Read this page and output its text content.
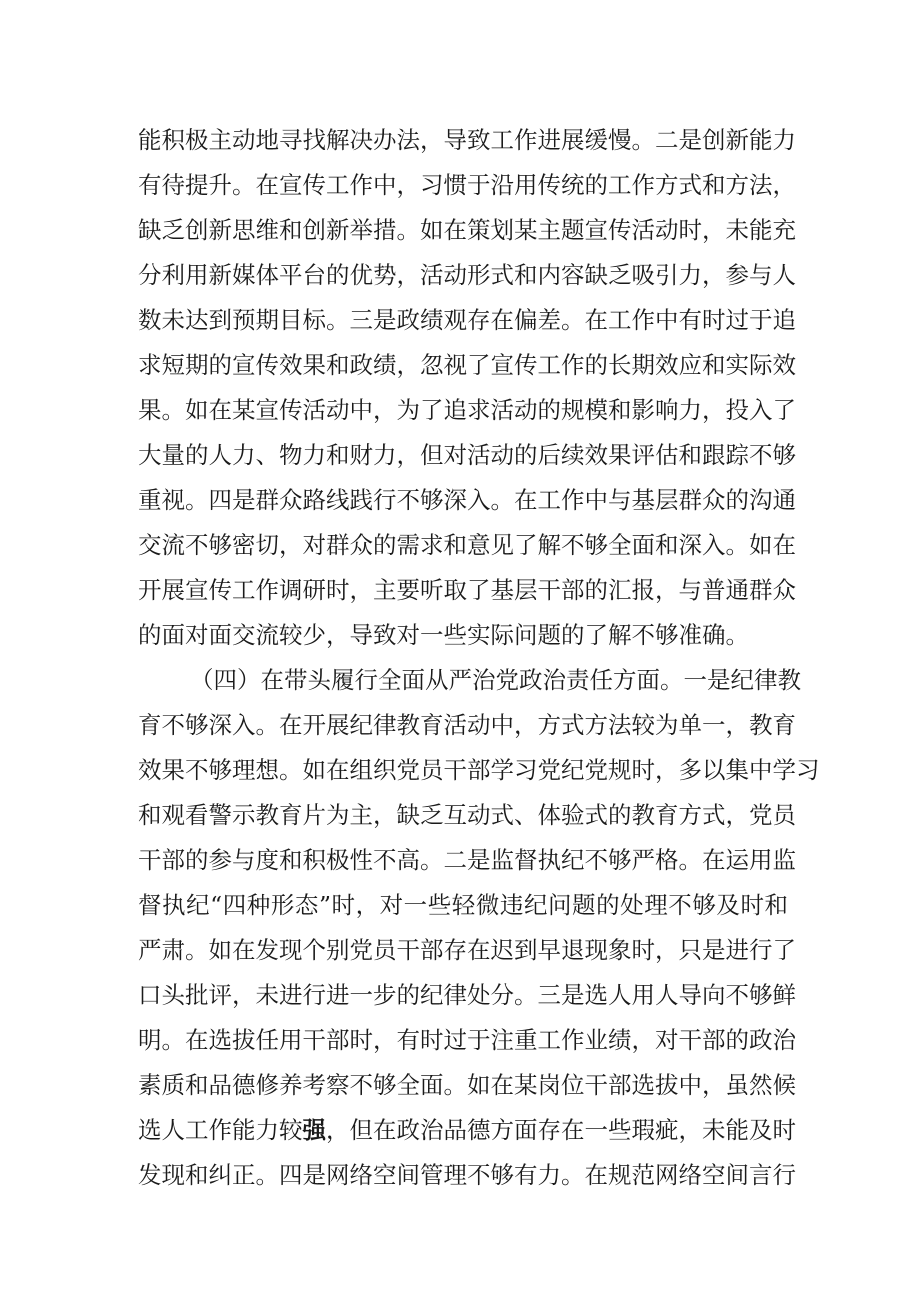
能积极主动地寻找解决办法，导致工作进展缓慢。二是创新能力
有待提升。在宣传工作中，习惯于沿用传统的工作方式和方法，
缺乏创新思维和创新举措。如在策划某主题宣传活动时，未能充
分利用新媒体平台的优势，活动形式和内容缺乏吸引力，参与人
数未达到预期目标。三是政绩观存在偏差。在工作中有时过于追
求短期的宣传效果和政绩，忽视了宣传工作的长期效应和实际效
果。如在某宣传活动中，为了追求活动的规模和影响力，投入了
大量的人力、物力和财力，但对活动的后续效果评估和跟踪不够
重视。四是群众路线践行不够深入。在工作中与基层群众的沟通
交流不够密切，对群众的需求和意见了解不够全面和深入。如在
开展宣传工作调研时，主要听取了基层干部的汇报，与普通群众
的面对面交流较少，导致对一些实际问题的了解不够准确。
（四）在带头履行全面从严治党政治责任方面。一是纪律教
育不够深入。在开展纪律教育活动中，方式方法较为单一，教育
效果不够理想。如在组织党员干部学习党纪党规时，多以集中学习
和观看警示教育片为主，缺乏互动式、体验式的教育方式，党员
干部的参与度和积极性不高。二是监督执纪不够严格。在运用监
督执纪“四种形态”时，对一些轻微违纪问题的处理不够及时和
严肃。如在发现个别党员干部存在迟到早退现象时，只是进行了
口头批评，未进行进一步的纪律处分。三是选人用人导向不够鲜
明。在选拔任用干部时，有时过于注重工作业绩，对干部的政治
素质和品德修养考察不够全面。如在某岗位干部选拔中，虽然候
选人工作能力较强，但在政治品德方面存在一些瑕疵，未能及时
发现和纠正。四是网络空间管理不够有力。在规范网络空间言行
